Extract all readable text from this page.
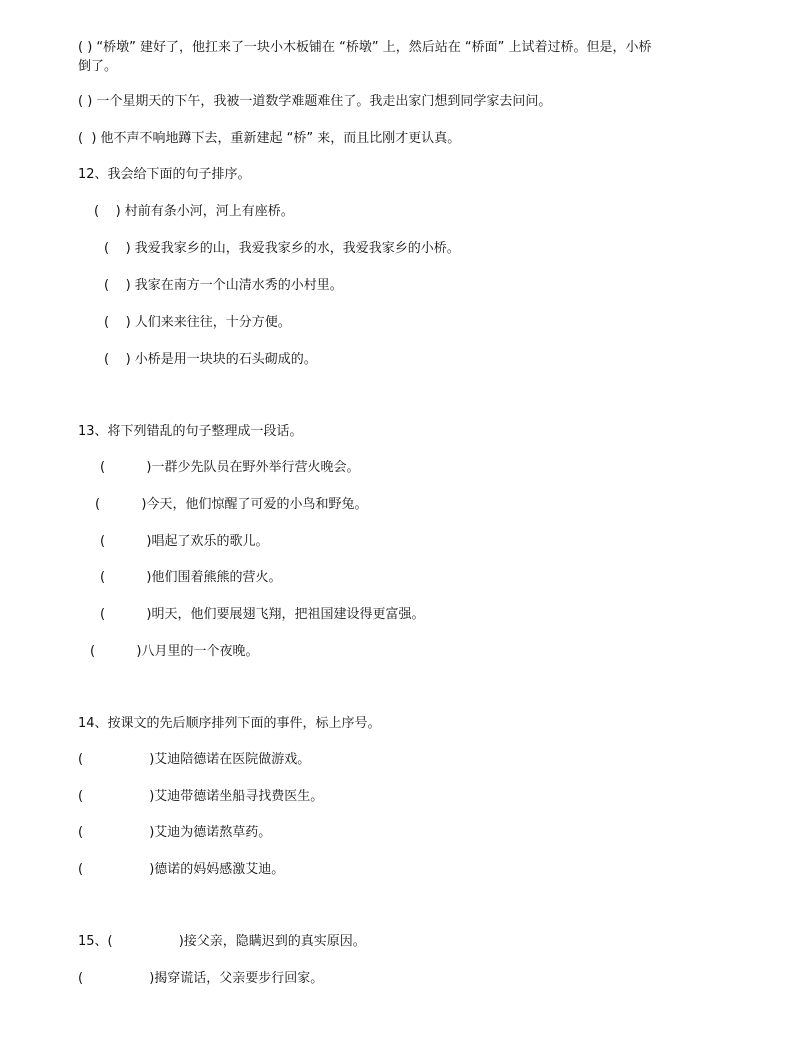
( ) “桥墩” 建好了，他扛来了一块小木板铺在 “桥墩” 上，然后站在 “桥面” 上试着过桥。但是，小桥
倒了。
( ) 一个星期天的下午，我被一道数学难题难住了。我走出家门想到同学家去问问。
(  ) 他不声不响地蹲下去，重新建起 “桥” 来，而且比刚才更认真。
12、我会给下面的句子排序。
(    ) 村前有条小河，河上有座桥。
(    ) 我爱我家乡的山，我爱我家乡的水，我爱我家乡的小桥。
(    ) 我家在南方一个山清水秀的小村里。
(    ) 人们来来往往，十分方便。
(    ) 小桥是用一块块的石头砌成的。
13、将下列错乱的句子整理成一段话。
(          )一群少先队员在野外举行营火晚会。
(          )今天，他们惊醒了可爱的小鸟和野兔。
(          )唱起了欢乐的歌儿。
(          )他们围着熊熊的营火。
(          )明天，他们要展翅飞翔，把祖国建设得更富强。
(          )八月里的一个夜晚。
14、按课文的先后顺序排列下面的事件，标上序号。
(                )艾迪陪德诺在医院做游戏。
(                )艾迪带德诺坐船寻找费医生。
(                )艾迪为德诺熬草药。
(                )德诺的妈妈感激艾迪。
15、(                )接父亲，隐瞒迟到的真实原因。
(                )揭穿谎话，父亲要步行回家。
